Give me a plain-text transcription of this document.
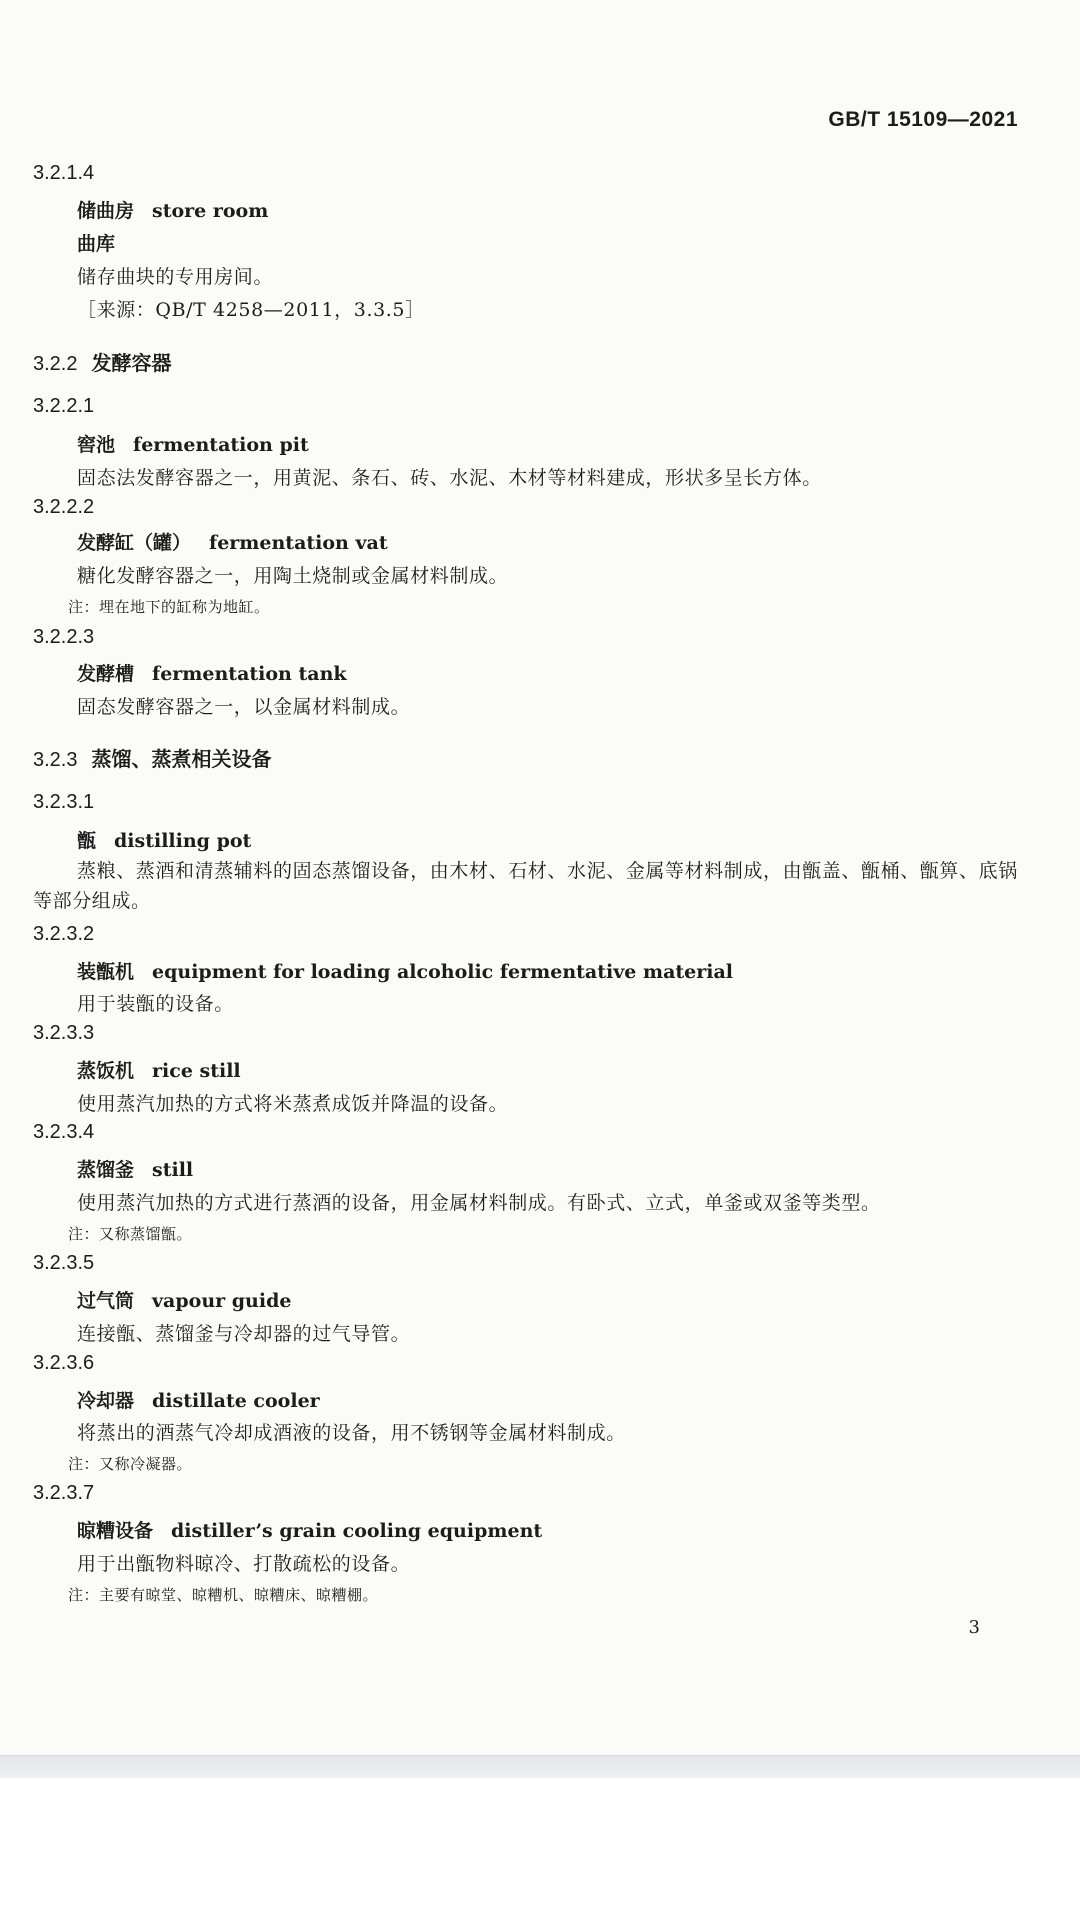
GB/T 15109—2021
3.2.1.4
储曲房 store room
曲库
储存曲块的专用房间。
［来源：QB/T 4258—2011，3.3.5］
3.2.2 发酵容器
3.2.2.1
窖池 fermentation pit
固态法发酵容器之一，用黄泥、条石、砖、水泥、木材等材料建成，形状多呈长方体。
3.2.2.2
发酵缸（罐） fermentation vat
糖化发酵容器之一，用陶土烧制或金属材料制成。
注：埋在地下的缸称为地缸。
3.2.2.3
发酵槽 fermentation tank
固态发酵容器之一，以金属材料制成。
3.2.3 蒸馏、蒸煮相关设备
3.2.3.1
甑 distilling pot
蒸粮、蒸酒和清蒸辅料的固态蒸馏设备，由木材、石材、水泥、金属等材料制成，由甑盖、甑桶、甑箅、底锅等部分组成。
3.2.3.2
装甑机 equipment for loading alcoholic fermentative material
用于装甑的设备。
3.2.3.3
蒸饭机 rice still
使用蒸汽加热的方式将米蒸煮成饭并降温的设备。
3.2.3.4
蒸馏釜 still
使用蒸汽加热的方式进行蒸酒的设备，用金属材料制成。有卧式、立式，单釜或双釜等类型。
注：又称蒸馏甑。
3.2.3.5
过气筒 vapour guide
连接甑、蒸馏釜与冷却器的过气导管。
3.2.3.6
冷却器 distillate cooler
将蒸出的酒蒸气冷却成酒液的设备，用不锈钢等金属材料制成。
注：又称冷凝器。
3.2.3.7
晾糟设备 distiller’s grain cooling equipment
用于出甑物料晾冷、打散疏松的设备。
注：主要有晾堂、晾糟机、晾糟床、晾糟棚。
3
